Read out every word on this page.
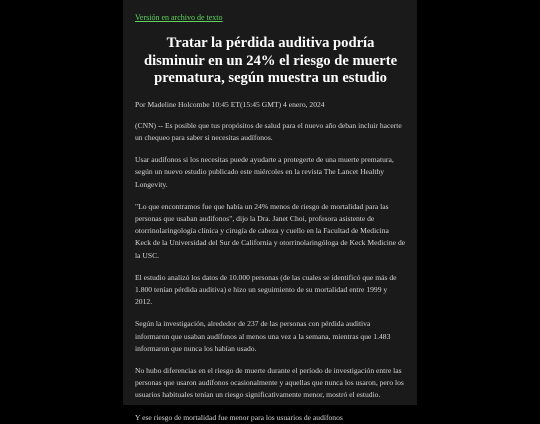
Versión en archivo de texto
Tratar la pérdida auditiva podría disminuir en un 24% el riesgo de muerte prematura, según muestra un estudio

Por Madeline Holcombe 10:45 ET(15:45 GMT) 4 enero, 2024

(CNN) -- Es posible que tus propósitos de salud para el nuevo año deban incluir hacerte un chequeo para saber si necesitas audífonos.

Usar audífonos si los necesitas puede ayudarte a protegerte de una muerte prematura, según un nuevo estudio publicado este miércoles en la revista The Lancet Healthy Longevity.

"Lo que encontramos fue que había un 24% menos de riesgo de mortalidad para las personas que usaban audífonos", dijo la Dra. Janet Choi, profesora asistente de otorrinolaringología clínica y cirugía de cabeza y cuello en la Facultad de Medicina Keck de la Universidad del Sur de California y otorrinolaringóloga de Keck Medicine de la USC.

El estudio analizó los datos de 10.000 personas (de las cuales se identificó que más de 1.800 tenían pérdida auditiva) e hizo un seguimiento de su mortalidad entre 1999 y 2012.

Según la investigación, alrededor de 237 de las personas con pérdida auditiva informaron que usaban audífonos al menos una vez a la semana, mientras que 1.483 informaron que nunca los habían usado.

No hubo diferencias en el riesgo de muerte durante el período de investigación entre las personas que usaron audífonos ocasionalmente y aquellas que nunca los usaron, pero los usuarios habituales tenían un riesgo significativamente menor, mostró el estudio.

Y ese riesgo de mortalidad fue menor para los usuarios de audífonos
